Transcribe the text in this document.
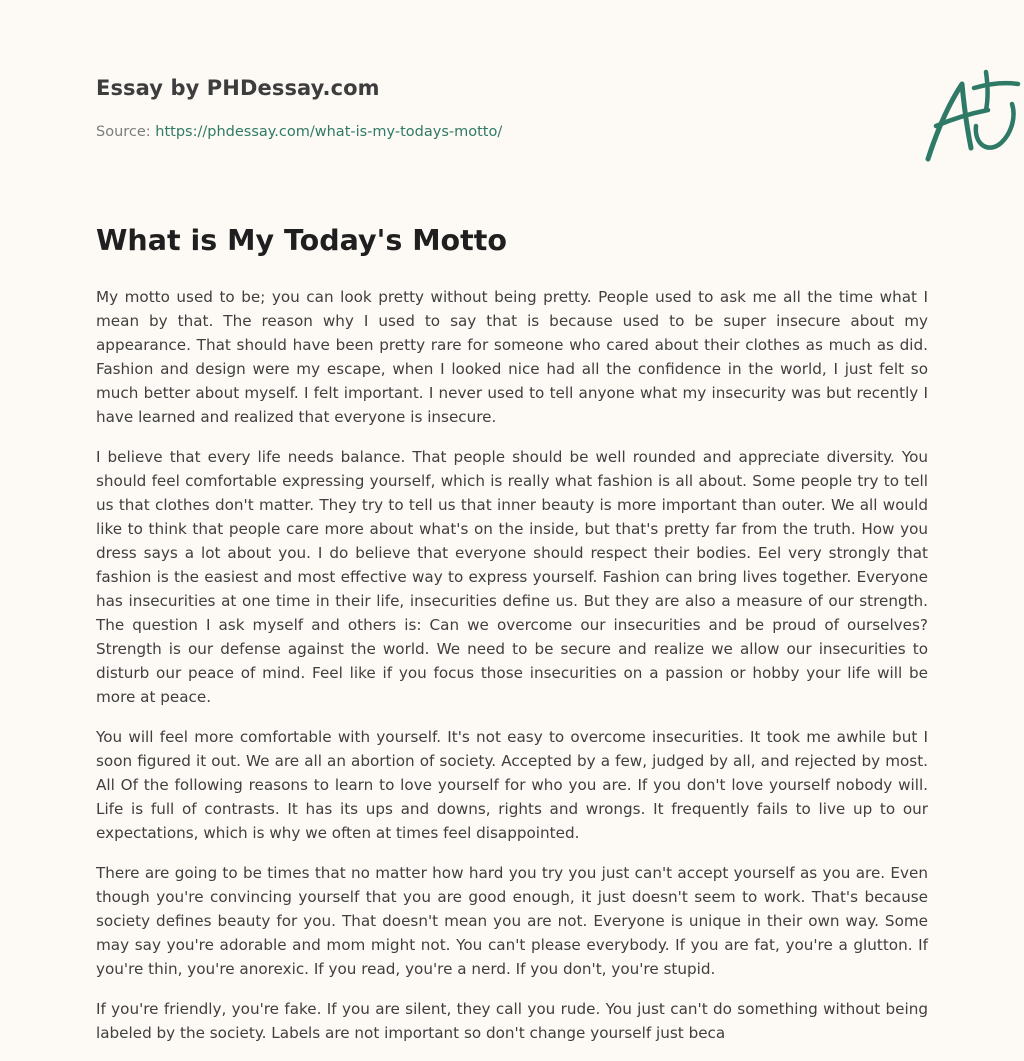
Essay by PHDessay.com
Source: https://phdessay.com/what-is-my-todays-motto/
What is My Today's Motto

My motto used to be; you can look pretty without being pretty. People used to ask me all the time what I mean by that. The reason why I used to say that is because used to be super insecure about my appearance. That should have been pretty rare for someone who cared about their clothes as much as did. Fashion and design were my escape, when I looked nice had all the confidence in the world, I just felt so much better about myself. I felt important. I never used to tell anyone what my insecurity was but recently I have learned and realized that everyone is insecure.

I believe that every life needs balance. That people should be well rounded and appreciate diversity. You should feel comfortable expressing yourself, which is really what fashion is all about. Some people try to tell us that clothes don't matter. They try to tell us that inner beauty is more important than outer. We all would like to think that people care more about what's on the inside, but that's pretty far from the truth. How you dress says a lot about you. I do believe that everyone should respect their bodies. Eel very strongly that fashion is the easiest and most effective way to express yourself. Fashion can bring lives together. Everyone has insecurities at one time in their life, insecurities define us. But they are also a measure of our strength. The question I ask myself and others is: Can we overcome our insecurities and be proud of ourselves? Strength is our defense against the world. We need to be secure and realize we allow our insecurities to disturb our peace of mind. Feel like if you focus those insecurities on a passion or hobby your life will be more at peace.

You will feel more comfortable with yourself. It's not easy to overcome insecurities. It took me awhile but I soon figured it out. We are all an abortion of society. Accepted by a few, judged by all, and rejected by most. All Of the following reasons to learn to love yourself for who you are. If you don't love yourself nobody will. Life is full of contrasts. It has its ups and downs, rights and wrongs. It frequently fails to live up to our expectations, which is why we often at times feel disappointed.

There are going to be times that no matter how hard you try you just can't accept yourself as you are. Even though you're convincing yourself that you are good enough, it just doesn't seem to work. That's because society defines beauty for you. That doesn't mean you are not. Everyone is unique in their own way. Some may say you're adorable and mom might not. You can't please everybody. If you are fat, you're a glutton. If you're thin, you're anorexic. If you read, you're a nerd. If you don't, you're stupid.

If you're friendly, you're fake. If you are silent, they call you rude. You just can't do something without being labeled by the society. Labels are not important so don't change yourself just beca
